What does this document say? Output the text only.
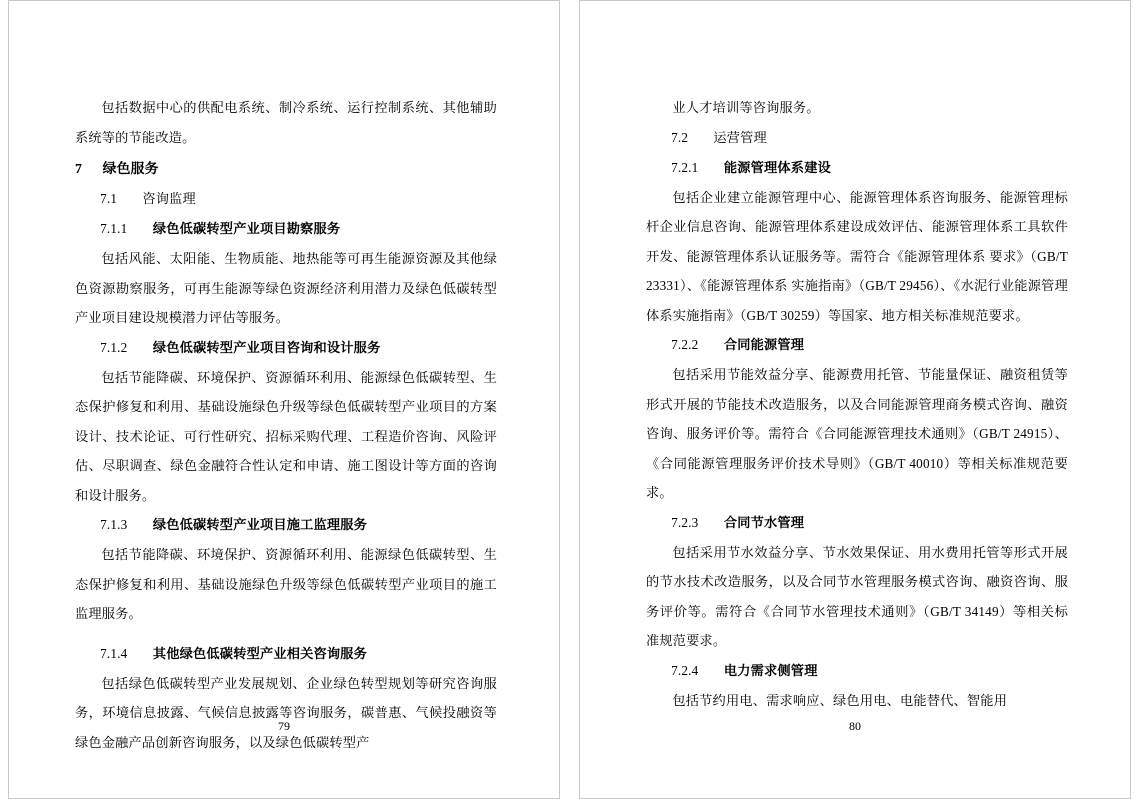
包括数据中心的供配电系统、制冷系统、运行控制系统、其他辅助系统等的节能改造。

7 绿色服务

7.1 咨询监理

7.1.1 绿色低碳转型产业项目勘察服务

包括风能、太阳能、生物质能、地热能等可再生能源资源及其他绿色资源勘察服务，可再生能源等绿色资源经济利用潜力及绿色低碳转型产业项目建设规模潜力评估等服务。

7.1.2 绿色低碳转型产业项目咨询和设计服务

包括节能降碳、环境保护、资源循环利用、能源绿色低碳转型、生态保护修复和利用、基础设施绿色升级等绿色低碳转型产业项目的方案设计、技术论证、可行性研究、招标采购代理、工程造价咨询、风险评估、尽职调查、绿色金融符合性认定和申请、施工图设计等方面的咨询和设计服务。

7.1.3 绿色低碳转型产业项目施工监理服务

包括节能降碳、环境保护、资源循环利用、能源绿色低碳转型、生态保护修复和利用、基础设施绿色升级等绿色低碳转型产业项目的施工监理服务。

7.1.4 其他绿色低碳转型产业相关咨询服务

包括绿色低碳转型产业发展规划、企业绿色转型规划等研究咨询服务，环境信息披露、气候信息披露等咨询服务，碳普惠、气候投融资等绿色金融产品创新咨询服务，以及绿色低碳转型产

79

业人才培训等咨询服务。

7.2 运营管理

7.2.1 能源管理体系建设

包括企业建立能源管理中心、能源管理体系咨询服务、能源管理标杆企业信息咨询、能源管理体系建设成效评估、能源管理体系工具软件开发、能源管理体系认证服务等。需符合《能源管理体系 要求》（GB/T 23331）、《能源管理体系 实施指南》（GB/T 29456）、《水泥行业能源管理体系实施指南》（GB/T 30259）等国家、地方相关标准规范要求。

7.2.2 合同能源管理

包括采用节能效益分享、能源费用托管、节能量保证、融资租赁等形式开展的节能技术改造服务，以及合同能源管理商务模式咨询、融资咨询、服务评价等。需符合《合同能源管理技术通则》（GB/T 24915）、《合同能源管理服务评价技术导则》（GB/T 40010）等相关标准规范要求。

7.2.3 合同节水管理

包括采用节水效益分享、节水效果保证、用水费用托管等形式开展的节水技术改造服务，以及合同节水管理服务模式咨询、融资咨询、服务评价等。需符合《合同节水管理技术通则》（GB/T 34149）等相关标准规范要求。

7.2.4 电力需求侧管理

包括节约用电、需求响应、绿色用电、电能替代、智能用

80
